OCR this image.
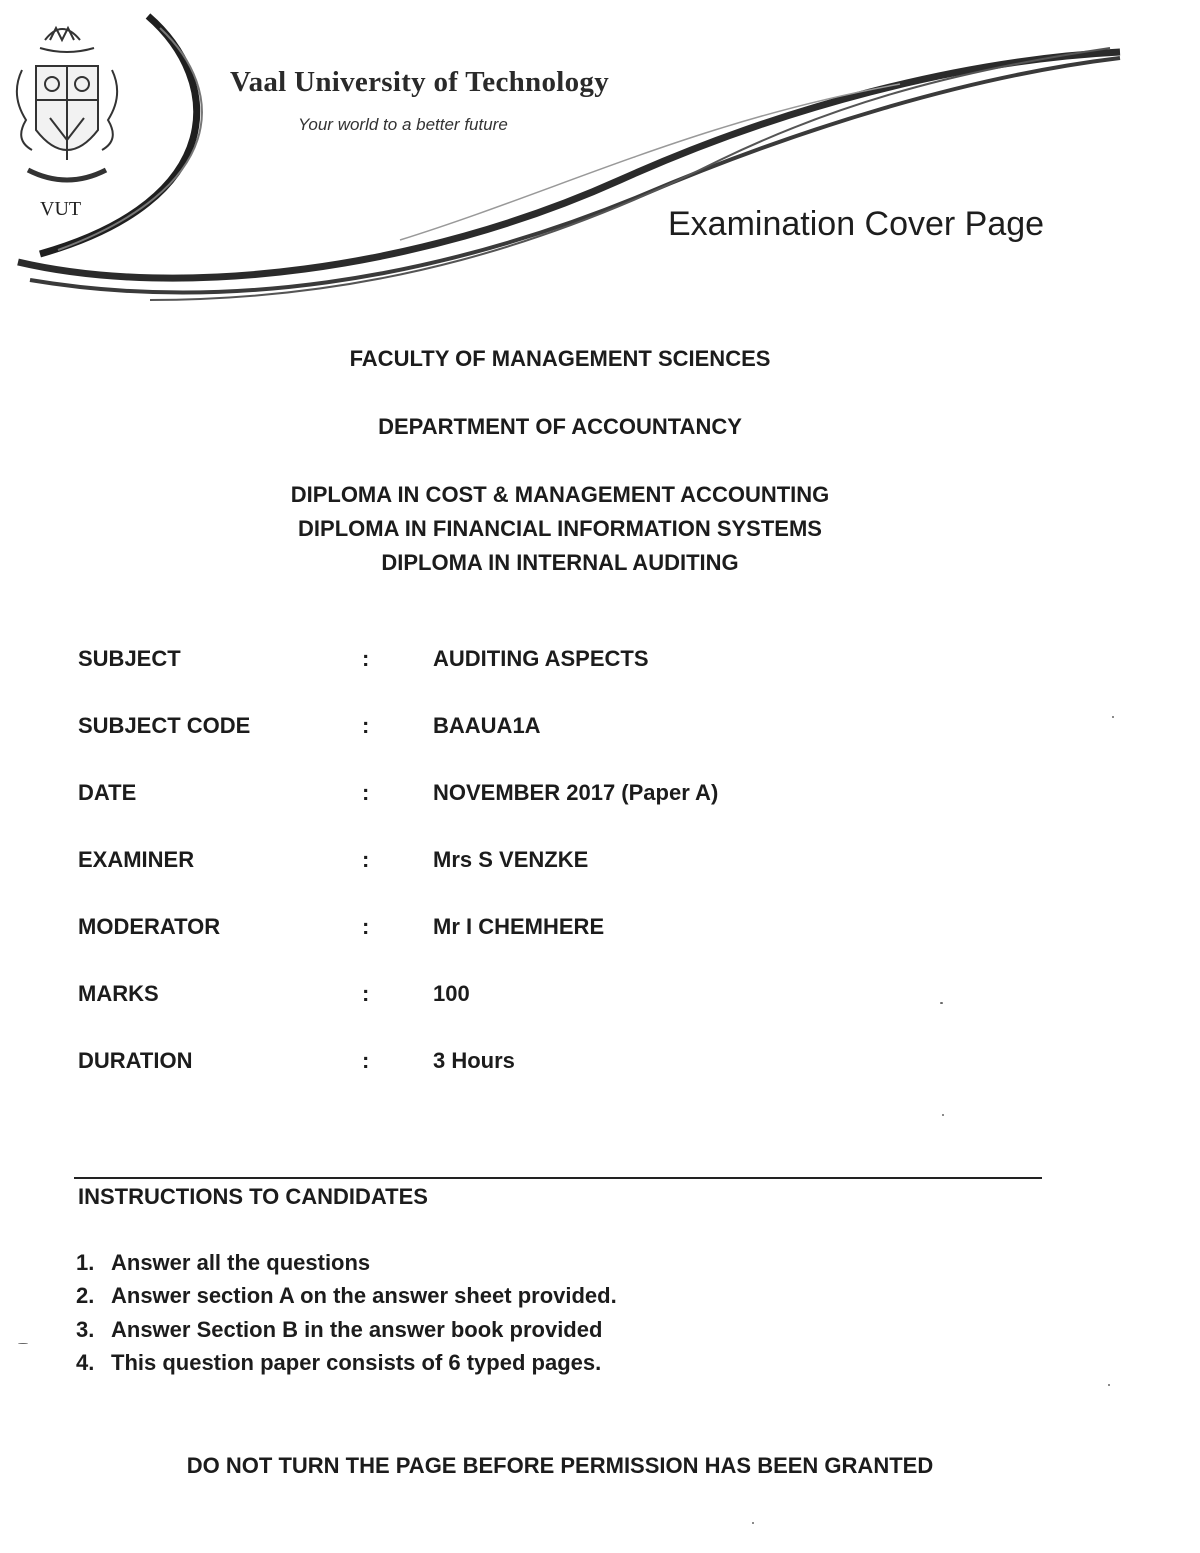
Vaal University of Technology
Your world to a better future
VUT	Examination Cover Page
FACULTY OF MANAGEMENT SCIENCES
DEPARTMENT OF ACCOUNTANCY
DIPLOMA IN COST & MANAGEMENT ACCOUNTING
DIPLOMA IN FINANCIAL INFORMATION SYSTEMS
DIPLOMA IN INTERNAL AUDITING
SUBJECT	:	AUDITING ASPECTS
SUBJECT CODE	:	BAAUA1A
DATE	:	NOVEMBER 2017 (Paper A)
EXAMINER	:	Mrs S VENZKE
MODERATOR	:	Mr I CHEMHERE
MARKS	:	100
DURATION	:	3 Hours
INSTRUCTIONS TO CANDIDATES
1. Answer all the questions
2. Answer section A on the answer sheet provided.
3. Answer Section B in the answer book provided
4. This question paper consists of 6 typed pages.
DO NOT TURN THE PAGE BEFORE PERMISSION HAS BEEN GRANTED
